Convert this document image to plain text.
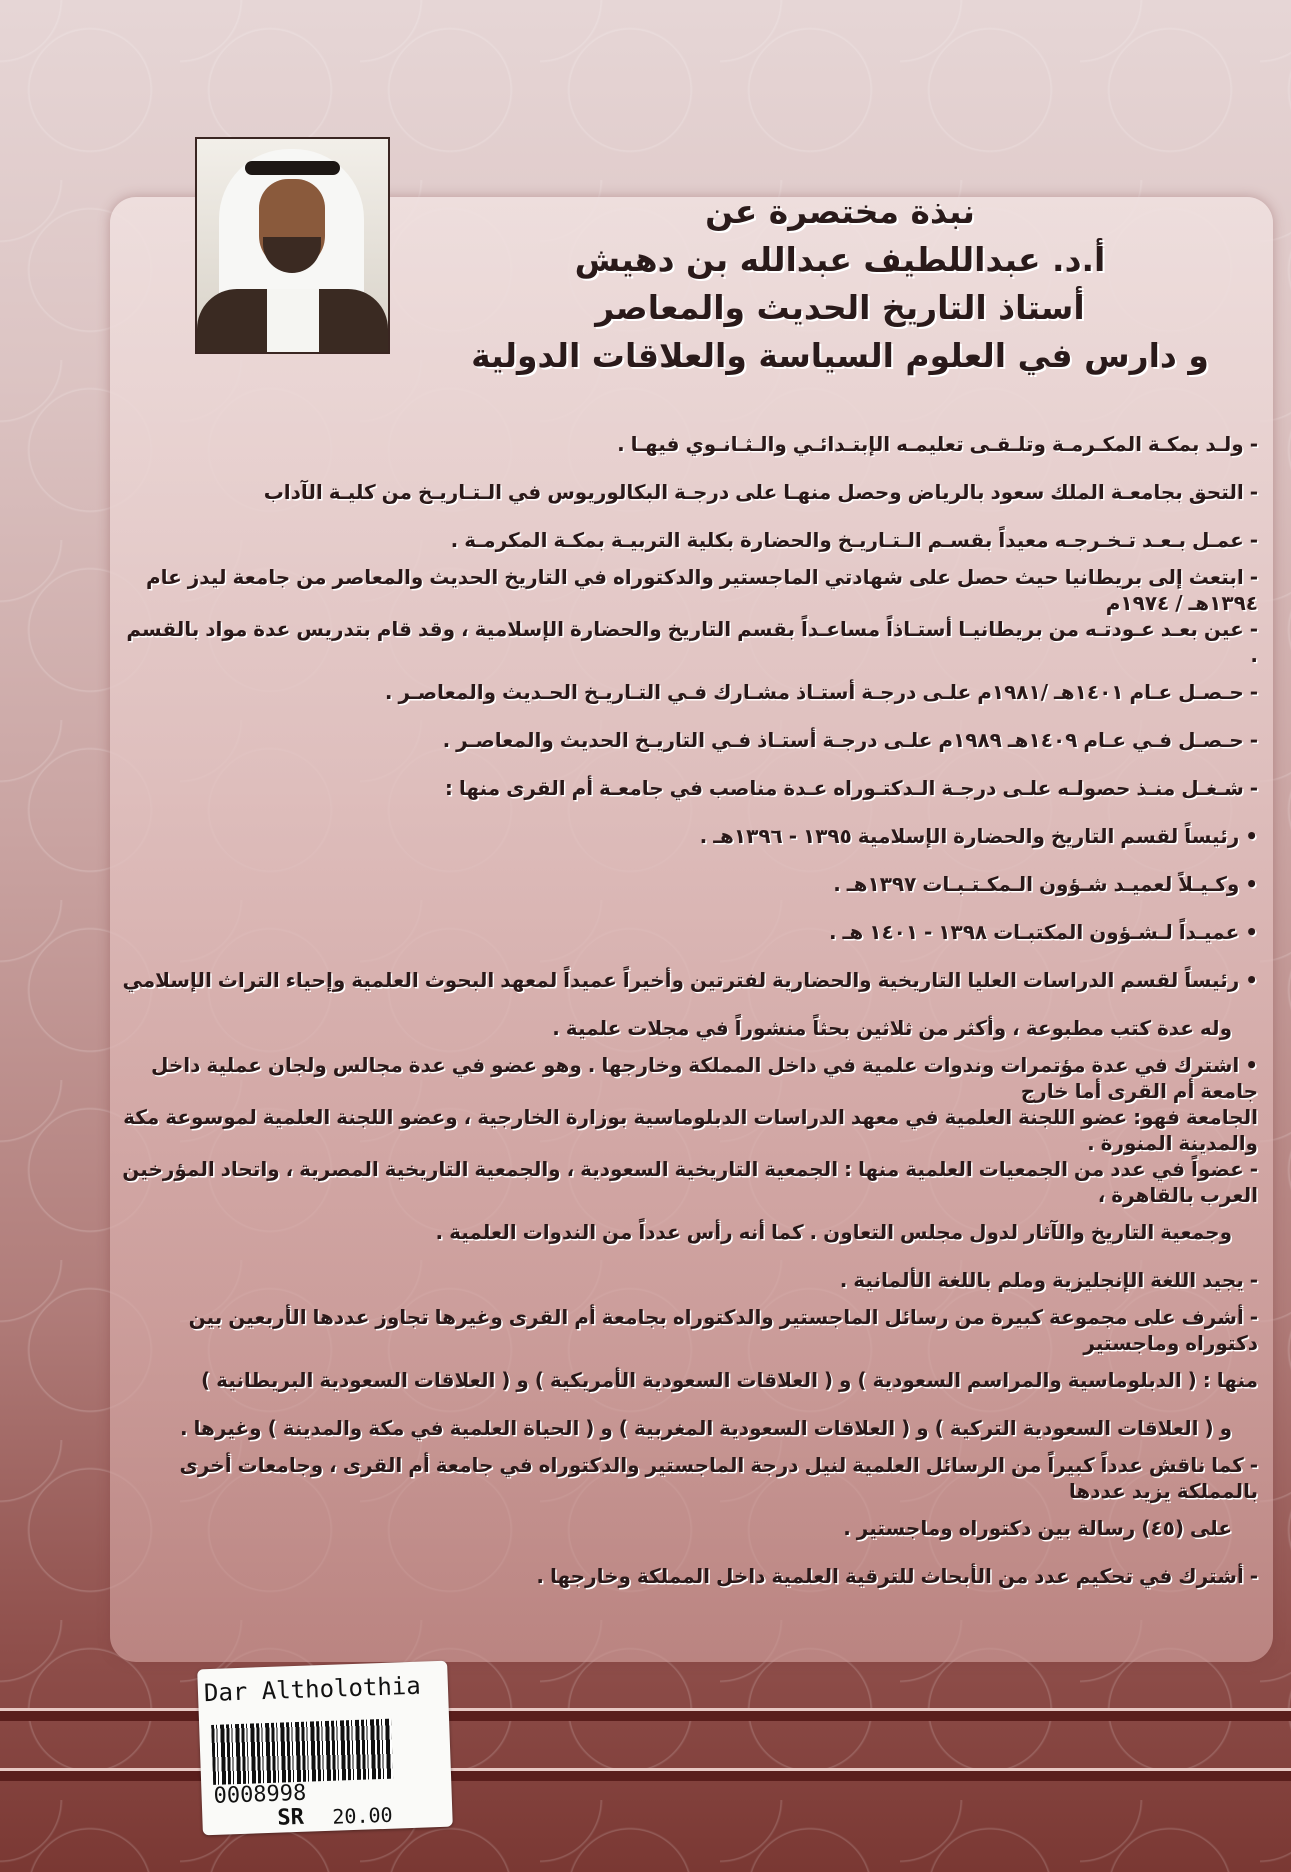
نبذة مختصرة عن
أ.د. عبداللطيف عبدالله بن دهيش
أستاذ التاريخ الحديث والمعاصر
و دارس في العلوم السياسة والعلاقات الدولية
- ولـد بمكـة المكـرمـة وتلـقـى تعليمـه الإبتـدائـي والـثـانـوي فيهـا .
- التحق بجامعـة الملك سعود بالرياض وحصل منهـا على درجـة البكالوريوس في الـتـاريـخ من كليـة الآداب
- عمـل بـعـد تـخـرجـه معيداً بقسـم الـتـاريـخ والحضارة بكلية التربيـة بمكـة المكرمـة .
- ابتعث إلى بريطانيا حيث حصل على شهادتي الماجستير والدكتوراه في التاريخ الحديث والمعاصر من جامعة ليدز عام ١٣٩٤هـ / ١٩٧٤م
- عين بعـد عـودتـه من بريطانيـا أستـاذاً مساعـداً بقسم التاريخ والحضارة الإسلامية ، وقد قام بتدريس عدة مواد بالقسم .
- حـصـل عـام ١٤٠١هـ /١٩٨١م علـى درجـة أستـاذ مشـارك فـي التـاريـخ الحـديث والمعاصـر .
- حـصـل فـي عـام ١٤٠٩هـ ١٩٨٩م علـى درجـة أستـاذ فـي التاريـخ الحديث والمعاصـر .
- شـغـل منـذ حصولـه علـى درجـة الـدكتـوراه عـدة مناصب في جامعـة أم القرى منها :
• رئيساً لقسم التاريخ والحضارة الإسلامية ١٣٩٥ - ١٣٩٦هـ .
• وكـيـلاً لعميـد شـؤون الـمكـتـبـات ١٣٩٧هـ .
• عميـداً لـشـؤون المكتبـات ١٣٩٨ - ١٤٠١ هـ .
• رئيساً لقسم الدراسات العليا التاريخية والحضارية لفترتين وأخيراً عميداً لمعهد البحوث العلمية وإحياء التراث الإسلامي
وله عدة كتب مطبوعة ، وأكثر من ثلاثين بحثاً منشوراً في مجلات علمية .
• اشترك في عدة مؤتمرات وندوات علمية في داخل المملكة وخارجها . وهو عضو في عدة مجالس ولجان عملية داخل جامعة أم القرى أما خارج
الجامعة فهو: عضو اللجنة العلمية في معهد الدراسات الدبلوماسية بوزارة الخارجية ، وعضو اللجنة العلمية لموسوعة مكة والمدينة المنورة .
- عضواً في عدد من الجمعيات العلمية منها : الجمعية التاريخية السعودية ، والجمعية التاريخية المصرية ، واتحاد المؤرخين العرب بالقاهرة ،
وجمعية التاريخ والآثار لدول مجلس التعاون . كما أنه رأس عدداً من الندوات العلمية .
- يجيد اللغة الإنجليزية وملم باللغة الألمانية .
- أشرف على مجموعة كبيرة من رسائل الماجستير والدكتوراه بجامعة أم القرى وغيرها تجاوز عددها الأربعين بين دكتوراه وماجستير
منها : ( الدبلوماسية والمراسم السعودية ) و ( العلاقات السعودية الأمريكية ) و ( العلاقات السعودية البريطانية )
و ( العلاقات السعودية التركية ) و ( العلاقات السعودية المغربية ) و ( الحياة العلمية في مكة والمدينة ) وغيرها .
- كما ناقش عدداً كبيراً من الرسائل العلمية لنيل درجة الماجستير والدكتوراه في جامعة أم القرى ، وجامعات أخرى بالمملكة يزيد عددها
على (٤٥) رسالة بين دكتوراه وماجستير .
- أشترك في تحكيم عدد من الأبحاث للترقية العلمية داخل المملكة وخارجها .
Dar Altholothia
0008998
SR 20.00
